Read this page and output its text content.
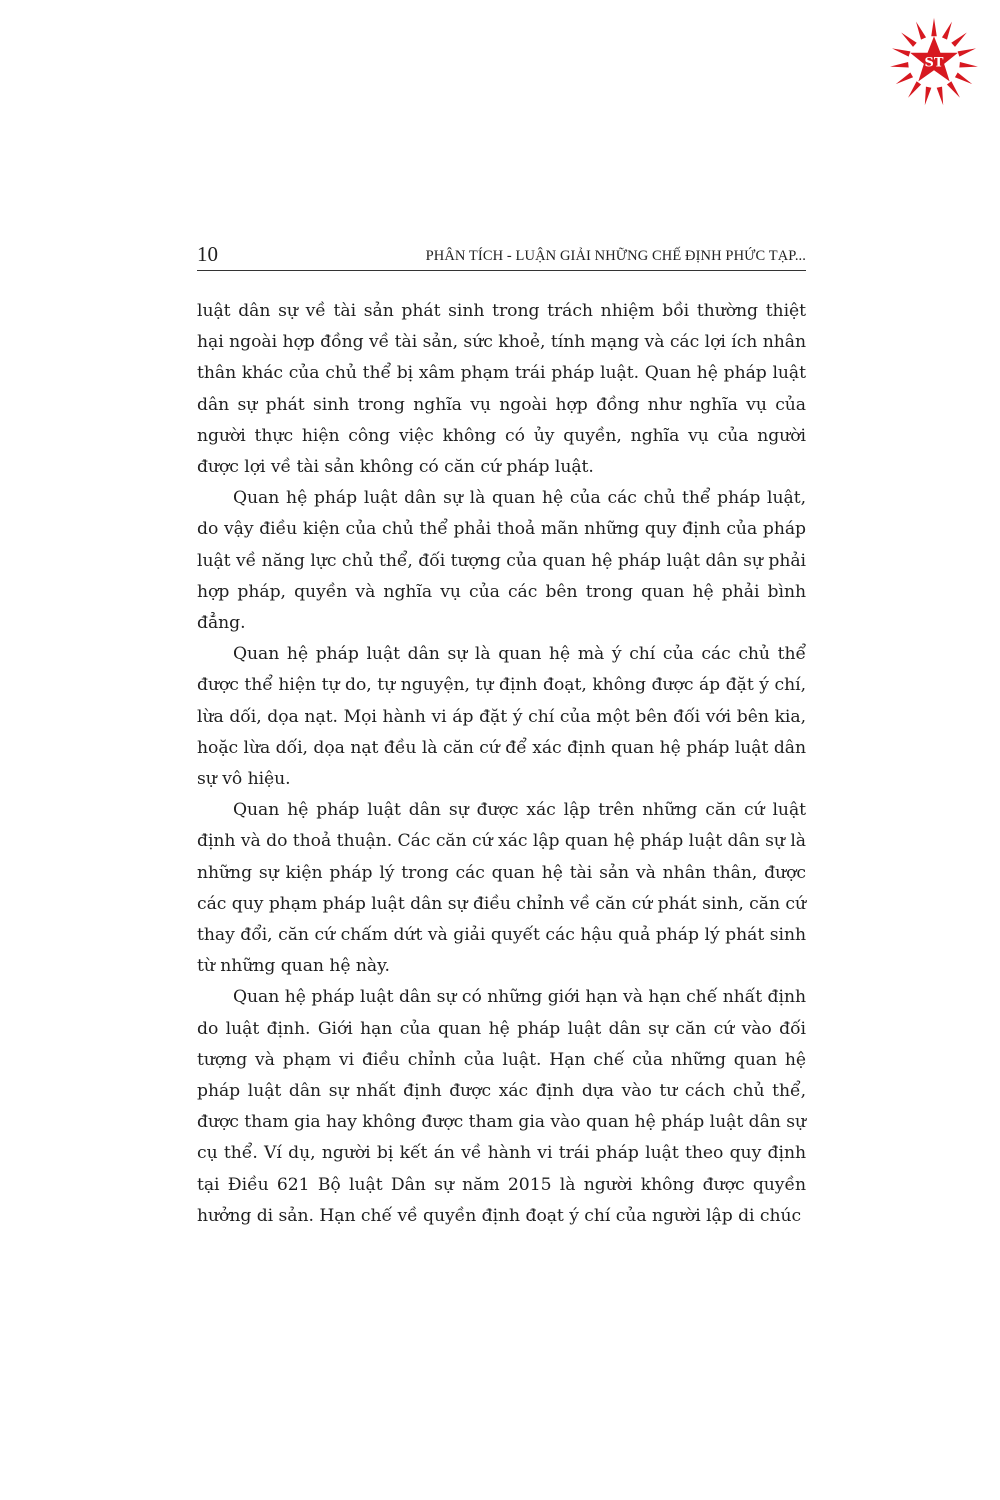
ST
10	PHÂN TÍCH - LUẬN GIẢI NHỮNG CHẾ ĐỊNH PHỨC TẠP...

luật dân sự về tài sản phát sinh trong trách nhiệm bồi thường thiệt hại ngoài hợp đồng về tài sản, sức khoẻ, tính mạng và các lợi ích nhân thân khác của chủ thể bị xâm phạm trái pháp luật. Quan hệ pháp luật dân sự phát sinh trong nghĩa vụ ngoài hợp đồng như nghĩa vụ của người thực hiện công việc không có ủy quyền, nghĩa vụ của người được lợi về tài sản không có căn cứ pháp luật.

Quan hệ pháp luật dân sự là quan hệ của các chủ thể pháp luật, do vậy điều kiện của chủ thể phải thoả mãn những quy định của pháp luật về năng lực chủ thể, đối tượng của quan hệ pháp luật dân sự phải hợp pháp, quyền và nghĩa vụ của các bên trong quan hệ phải bình đẳng.

Quan hệ pháp luật dân sự là quan hệ mà ý chí của các chủ thể được thể hiện tự do, tự nguyện, tự định đoạt, không được áp đặt ý chí, lừa dối, dọa nạt. Mọi hành vi áp đặt ý chí của một bên đối với bên kia, hoặc lừa dối, dọa nạt đều là căn cứ để xác định quan hệ pháp luật dân sự vô hiệu.

Quan hệ pháp luật dân sự được xác lập trên những căn cứ luật định và do thoả thuận. Các căn cứ xác lập quan hệ pháp luật dân sự là những sự kiện pháp lý trong các quan hệ tài sản và nhân thân, được các quy phạm pháp luật dân sự điều chỉnh về căn cứ phát sinh, căn cứ thay đổi, căn cứ chấm dứt và giải quyết các hậu quả pháp lý phát sinh từ những quan hệ này.

Quan hệ pháp luật dân sự có những giới hạn và hạn chế nhất định do luật định. Giới hạn của quan hệ pháp luật dân sự căn cứ vào đối tượng và phạm vi điều chỉnh của luật. Hạn chế của những quan hệ pháp luật dân sự nhất định được xác định dựa vào tư cách chủ thể, được tham gia hay không được tham gia vào quan hệ pháp luật dân sự cụ thể. Ví dụ, người bị kết án về hành vi trái pháp luật theo quy định tại Điều 621 Bộ luật Dân sự năm 2015 là người không được quyền hưởng di sản. Hạn chế về quyền định đoạt ý chí của người lập di chúc
